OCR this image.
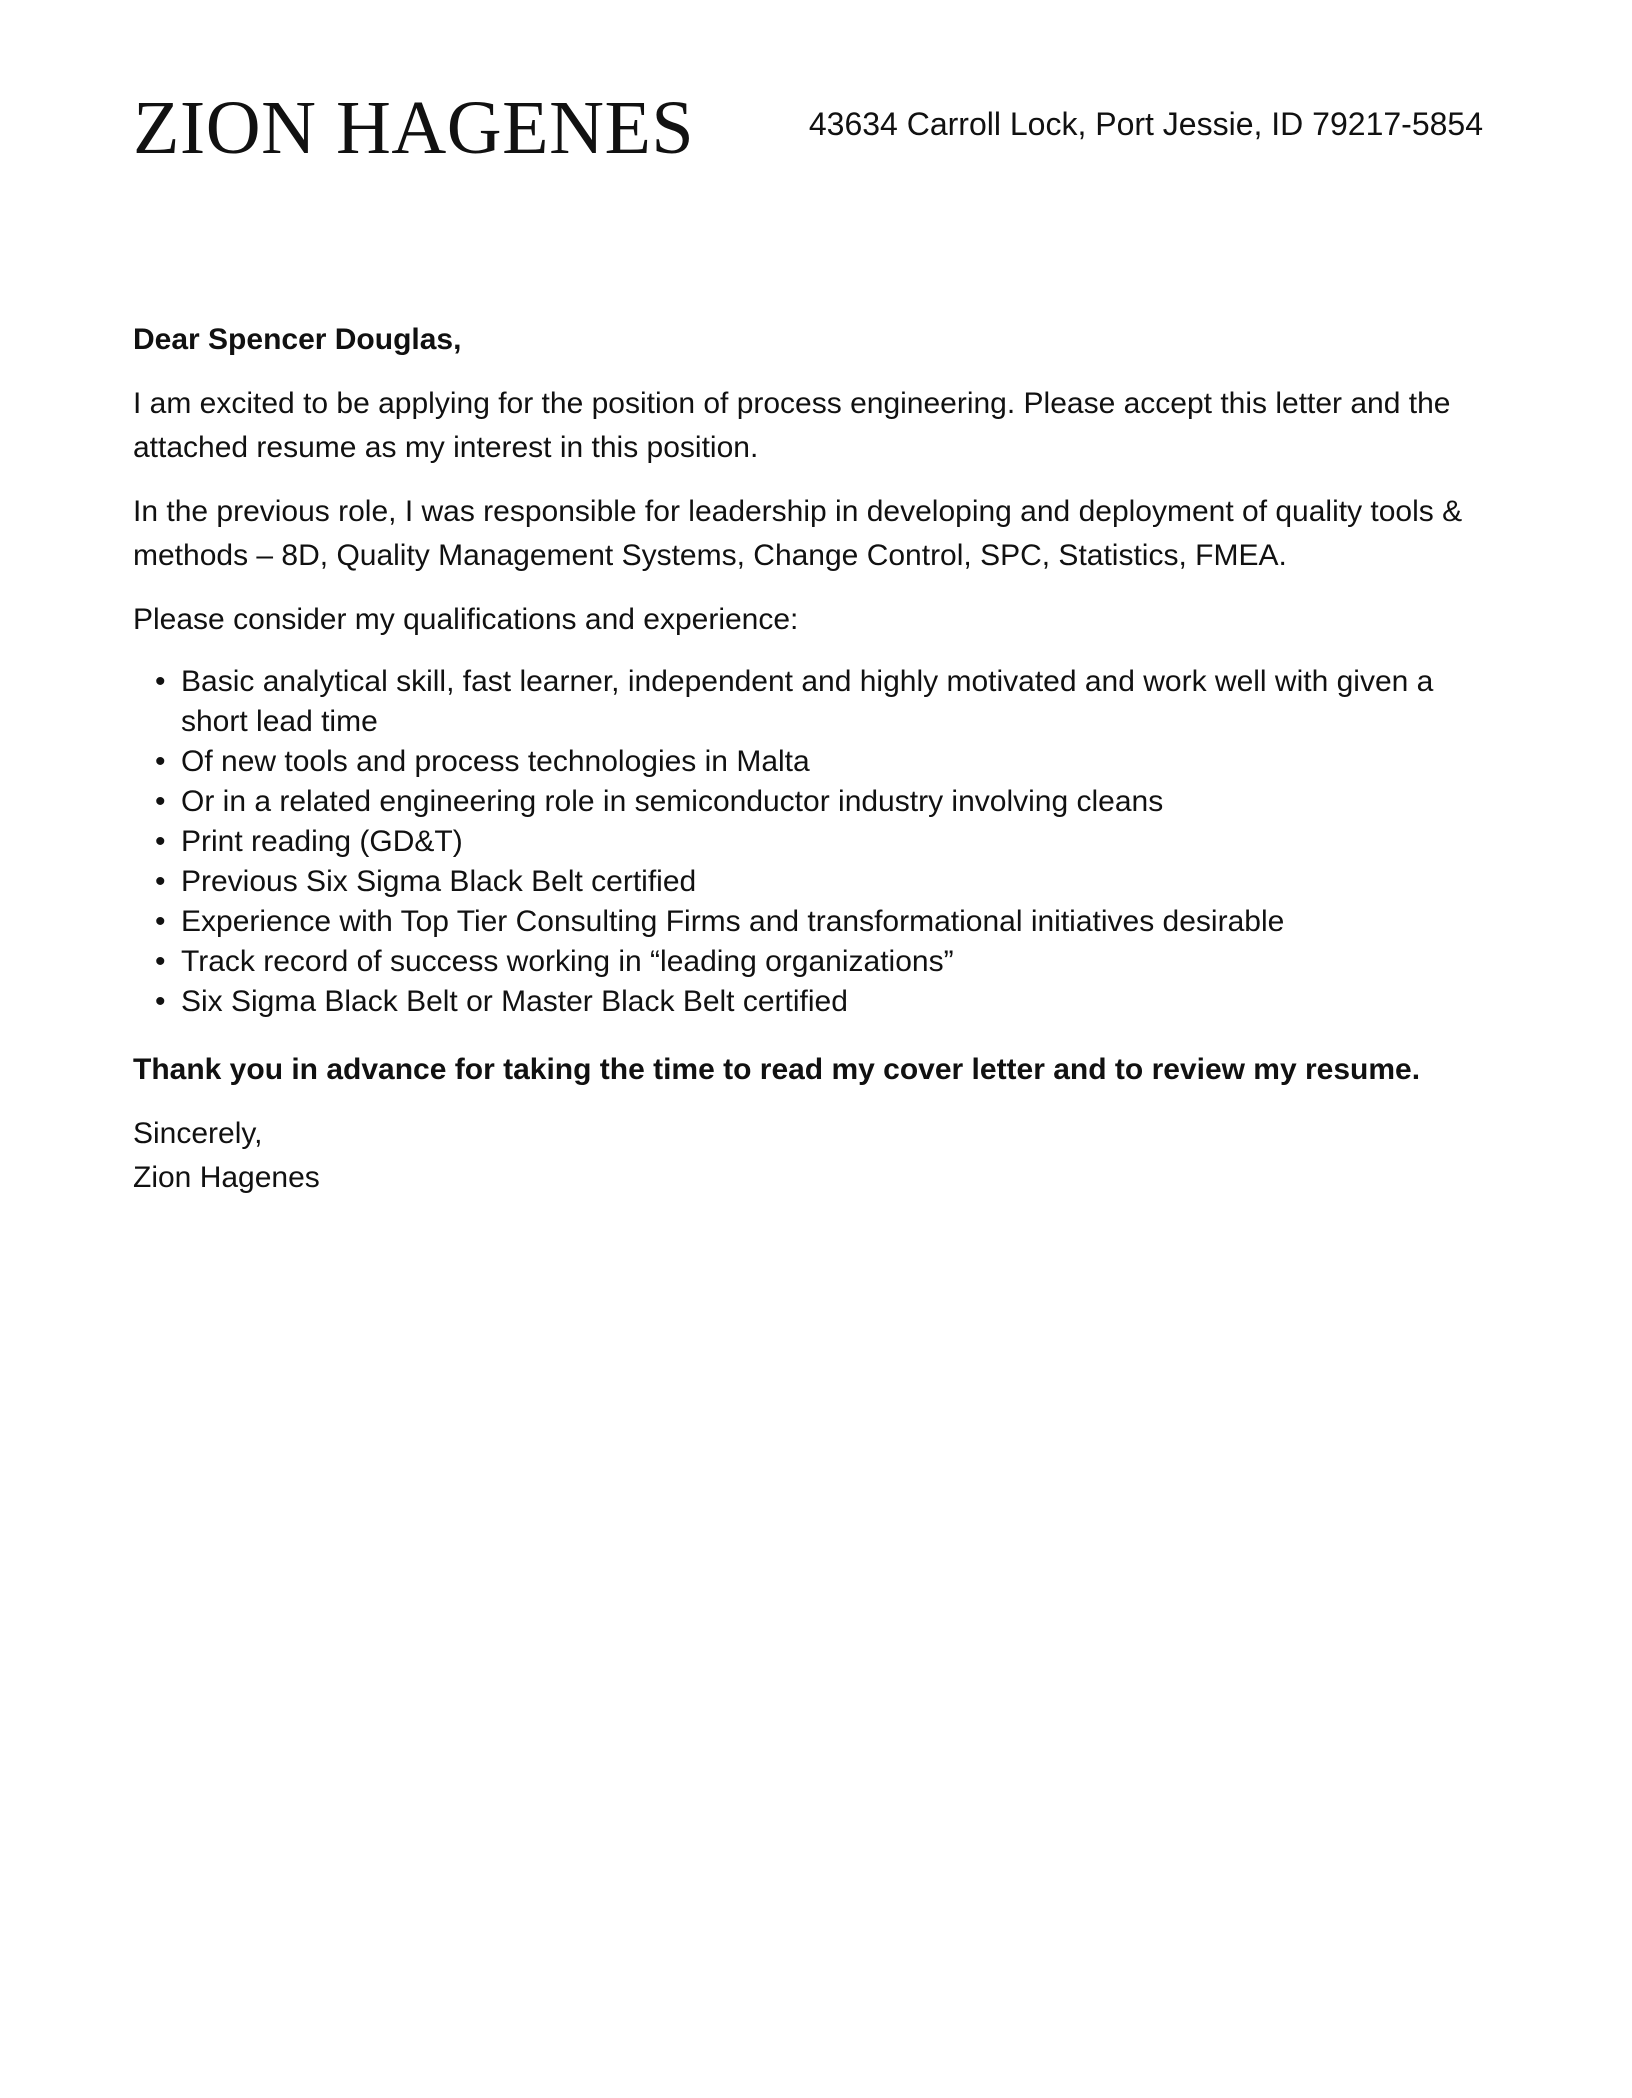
ZION HAGENES	43634 Carroll Lock, Port Jessie, ID 79217-5854

Dear Spencer Douglas,

I am excited to be applying for the position of process engineering. Please accept this letter and the attached resume as my interest in this position.

In the previous role, I was responsible for leadership in developing and deployment of quality tools & methods – 8D, Quality Management Systems, Change Control, SPC, Statistics, FMEA.

Please consider my qualifications and experience:

• Basic analytical skill, fast learner, independent and highly motivated and work well with given a short lead time
• Of new tools and process technologies in Malta
• Or in a related engineering role in semiconductor industry involving cleans
• Print reading (GD&T)
• Previous Six Sigma Black Belt certified
• Experience with Top Tier Consulting Firms and transformational initiatives desirable
• Track record of success working in “leading organizations”
• Six Sigma Black Belt or Master Black Belt certified

Thank you in advance for taking the time to read my cover letter and to review my resume.

Sincerely,

Zion Hagenes
